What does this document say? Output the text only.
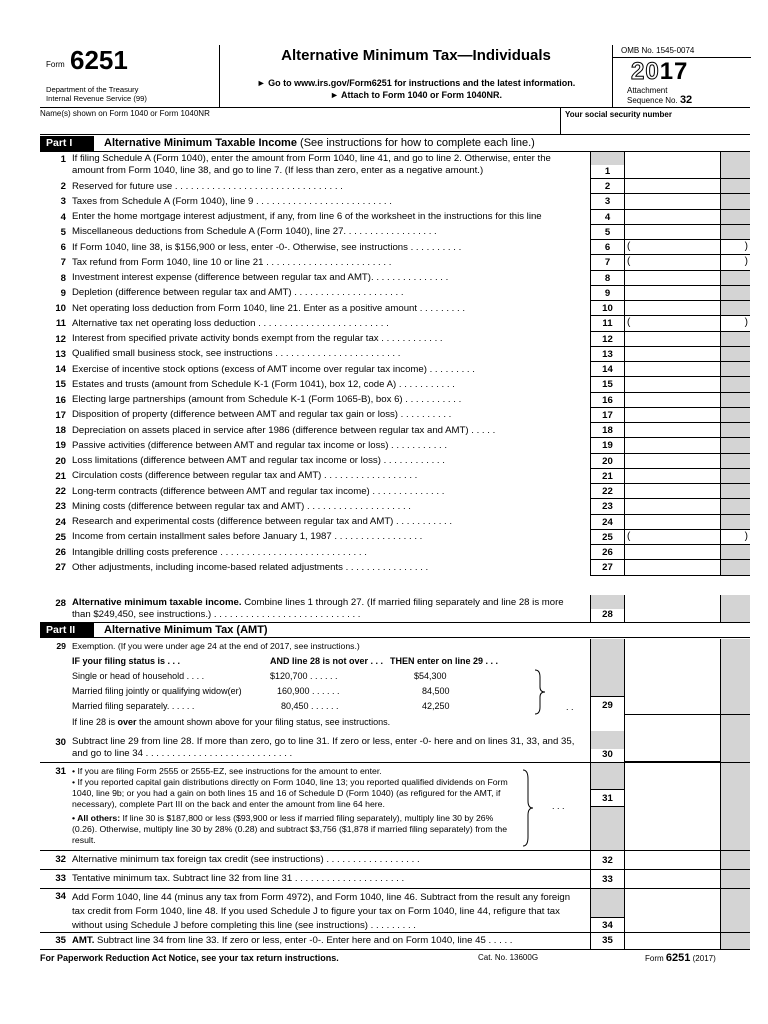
Form 6251
Department of the Treasury
Internal Revenue Service (99)
Alternative Minimum Tax—Individuals
► Go to www.irs.gov/Form6251 for instructions and the latest information.
► Attach to Form 1040 or Form 1040NR.
OMB No. 1545-0074
2017
Attachment
Sequence No. 32
Name(s) shown on Form 1040 or Form 1040NR	Your social security number
Part I	Alternative Minimum Taxable Income (See instructions for how to complete each line.)
1 If filing Schedule A (Form 1040), enter the amount from Form 1040, line 41, and go to line 2. Otherwise, enter the amount from Form 1040, line 38, and go to line 7. (If less than zero, enter as a negative amount.)	1
2 Reserved for future use . . . . . . . . . . . . . . . . . . . . . . . . . . . . . . . .	2
3 Taxes from Schedule A (Form 1040), line 9 . . . . . . . . . . . . . . . . . . . . . . . . . .	3
4 Enter the home mortgage interest adjustment, if any, from line 6 of the worksheet in the instructions for this line	4
5 Miscellaneous deductions from Schedule A (Form 1040), line 27. . . . . . . . . . . . . . . . . .	5
6 If Form 1040, line 38, is $156,900 or less, enter -0-. Otherwise, see instructions . . . . . . . . . .	6	(	)
7 Tax refund from Form 1040, line 10 or line 21 . . . . . . . . . . . . . . . . . . . . . . . .	7	(	)
8 Investment interest expense (difference between regular tax and AMT). . . . . . . . . . . . . . .	8
9 Depletion (difference between regular tax and AMT) . . . . . . . . . . . . . . . . . . . . .	9
10 Net operating loss deduction from Form 1040, line 21. Enter as a positive amount . . . . . . . . .	10
11 Alternative tax net operating loss deduction . . . . . . . . . . . . . . . . . . . . . . . . .	11	(	)
12 Interest from specified private activity bonds exempt from the regular tax . . . . . . . . . . . .	12
13 Qualified small business stock, see instructions . . . . . . . . . . . . . . . . . . . . . . . .	13
14 Exercise of incentive stock options (excess of AMT income over regular tax income) . . . . . . . . .	14
15 Estates and trusts (amount from Schedule K-1 (Form 1041), box 12, code A) . . . . . . . . . . .	15
16 Electing large partnerships (amount from Schedule K-1 (Form 1065-B), box 6) . . . . . . . . . . .	16
17 Disposition of property (difference between AMT and regular tax gain or loss) . . . . . . . . . .	17
18 Depreciation on assets placed in service after 1986 (difference between regular tax and AMT) . . . . .	18
19 Passive activities (difference between AMT and regular tax income or loss) . . . . . . . . . . .	19
20 Loss limitations (difference between AMT and regular tax income or loss) . . . . . . . . . . . .	20
21 Circulation costs (difference between regular tax and AMT) . . . . . . . . . . . . . . . . . .	21
22 Long-term contracts (difference between AMT and regular tax income) . . . . . . . . . . . . . .	22
23 Mining costs (difference between regular tax and AMT) . . . . . . . . . . . . . . . . . . . .	23
24 Research and experimental costs (difference between regular tax and AMT) . . . . . . . . . . .	24
25 Income from certain installment sales before January 1, 1987 . . . . . . . . . . . . . . . . .	25	(	)
26 Intangible drilling costs preference . . . . . . . . . . . . . . . . . . . . . . . . . . . .	26
27 Other adjustments, including income-based related adjustments . . . . . . . . . . . . . . . .	27
28 Alternative minimum taxable income. Combine lines 1 through 27. (If married filing separately and line 28 is more than $249,450, see instructions.) . . . . . . . . . . . . . . . . . . . . . . . . . . . .	28
Part II	Alternative Minimum Tax (AMT)
29 Exemption. (If you were under age 24 at the end of 2017, see instructions.)
IF your filing status is . . .	AND line 28 is not over . . . THEN enter on line 29 . . .
Single or head of household . . . .	$120,700 . . . . . .	$54,300
Married filing jointly or qualifying widow(er)	160,900 . . . . . .	84,500
Married filing separately. . . . . .	80,450 . . . . . .	42,250	. .
If line 28 is over the amount shown above for your filing status, see instructions.
29
30 Subtract line 29 from line 28. If more than zero, go to line 31. If zero or less, enter -0- here and on lines 31, 33, and 35, and go to line 34 . . . . . . . . . . . . . . . . . . . . . . . . . . . .	30
31 • If you are filing Form 2555 or 2555-EZ, see instructions for the amount to enter.
• If you reported capital gain distributions directly on Form 1040, line 13; you reported qualified dividends on Form 1040, line 9b; or you had a gain on both lines 15 and 16 of Schedule D (Form 1040) (as refigured for the AMT, if necessary), complete Part III on the back and enter the amount from line 64 here.
• All others: If line 30 is $187,800 or less ($93,900 or less if married filing separately), multiply line 30 by 26% (0.26). Otherwise, multiply line 30 by 28% (0.28) and subtract $3,756 ($1,878 if married filing separately) from the result.
. . .
31
32 Alternative minimum tax foreign tax credit (see instructions) . . . . . . . . . . . . . . . . . .	32
33 Tentative minimum tax. Subtract line 32 from line 31 . . . . . . . . . . . . . . . . . . . . .	33
34 Add Form 1040, line 44 (minus any tax from Form 4972), and Form 1040, line 46. Subtract from the result any foreign tax credit from Form 1040, line 48. If you used Schedule J to figure your tax on Form 1040, line 44, refigure that tax without using Schedule J before completing this line (see instructions) . . . . . . . . .	34
35 AMT. Subtract line 34 from line 33. If zero or less, enter -0-. Enter here and on Form 1040, line 45 . . . . .	35
For Paperwork Reduction Act Notice, see your tax return instructions.	Cat. No. 13600G	Form 6251 (2017)
